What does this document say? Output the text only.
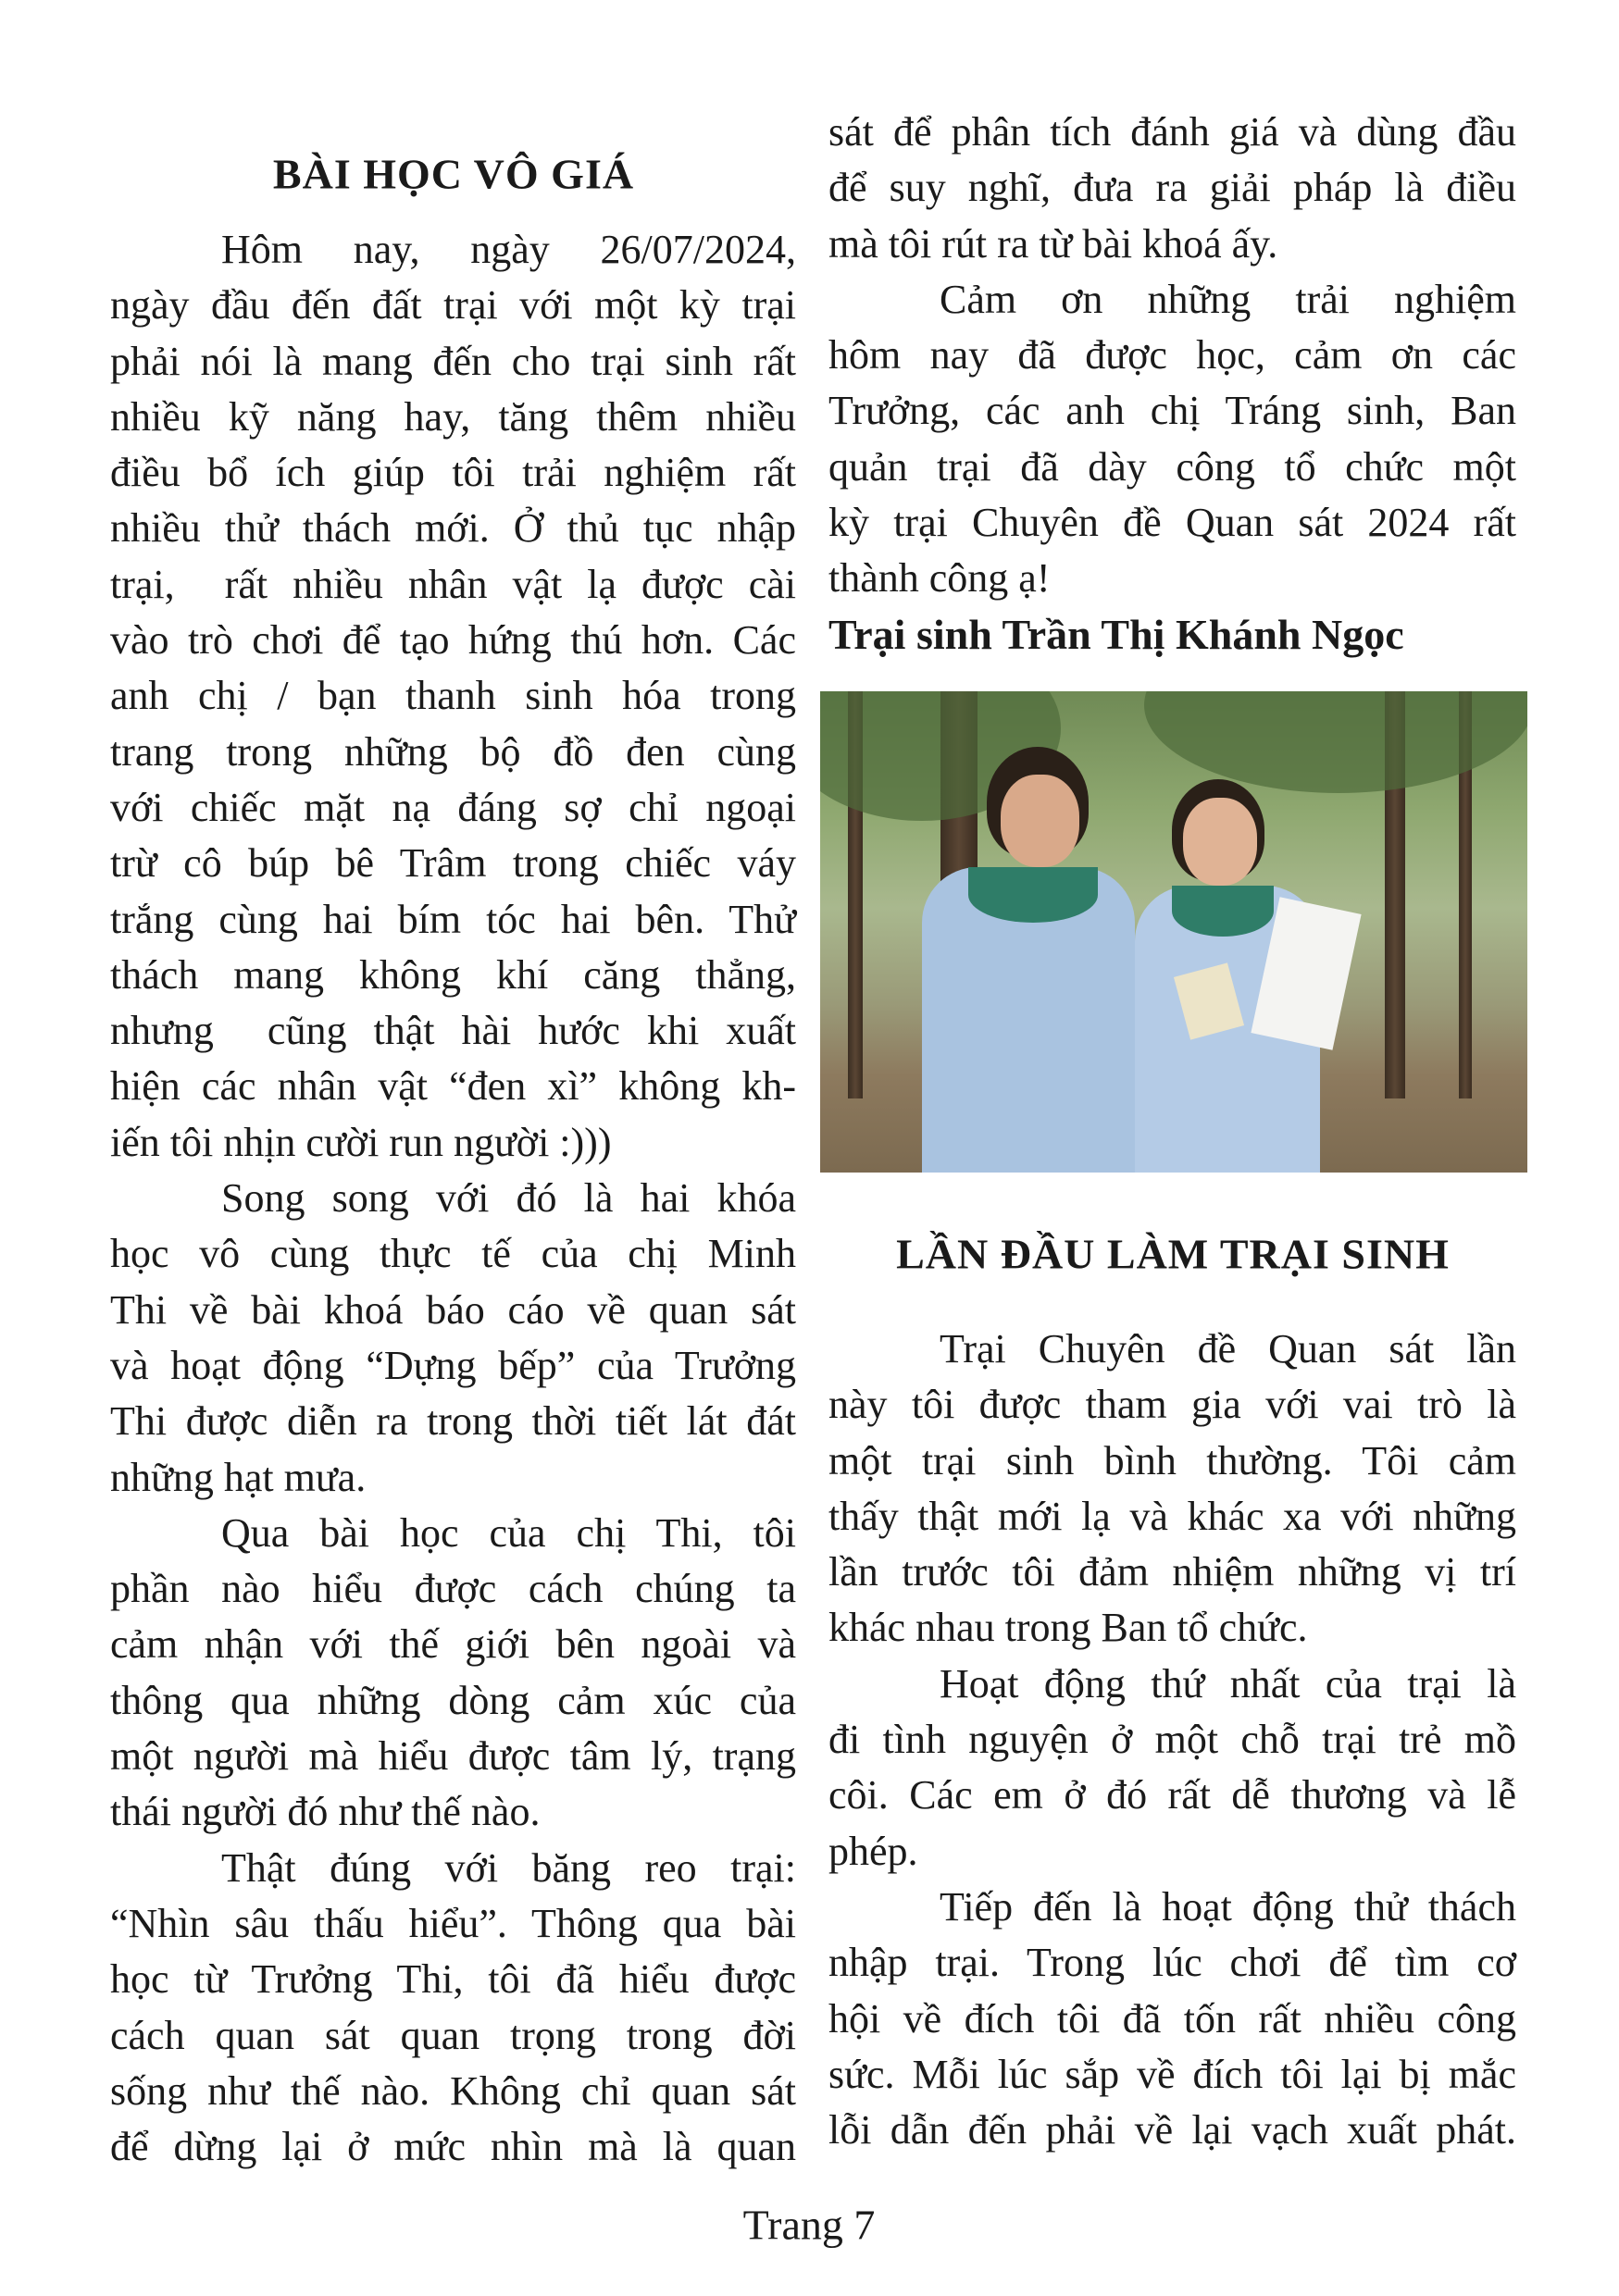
BÀI HỌC VÔ GIÁ
Hôm nay, ngày 26/07/2024,
ngày đầu đến đất trại với một kỳ trại
phải nói là mang đến cho trại sinh rất
nhiều kỹ năng hay, tăng thêm nhiều
điều bổ ích giúp tôi trải nghiệm rất
nhiều thử thách mới. Ở thủ tục nhập
trại,  rất nhiều nhân vật lạ được cài
vào trò chơi để tạo hứng thú hơn. Các
anh chị / bạn thanh sinh hóa trong
trang trong những bộ đồ đen cùng
với chiếc mặt nạ đáng sợ chỉ ngoại
trừ cô búp bê Trâm trong chiếc váy
trắng cùng hai bím tóc hai bên. Thử
thách mang không khí căng thẳng,
nhưng  cũng thật hài hước khi xuất
hiện các nhân vật “đen xì” không kh-
iến tôi nhịn cười run người :)))
Song song với đó là hai khóa
học vô cùng thực tế của chị Minh
Thi về bài khoá báo cáo về quan sát
và hoạt động “Dựng bếp” của Trưởng
Thi được diễn ra trong thời tiết lát đát
những hạt mưa.
Qua bài học của chị Thi, tôi
phần nào hiểu được cách chúng ta
cảm nhận với thế giới bên ngoài và
thông qua những dòng cảm xúc của
một người mà hiểu được tâm lý, trạng
thái người đó như thế nào.
Thật đúng với băng reo trại:
“Nhìn sâu thấu hiểu”. Thông qua bài
học từ Trưởng Thi, tôi đã hiểu được
cách quan sát quan trọng trong đời
sống như thế nào. Không chỉ quan sát
để dừng lại ở mức nhìn mà là quan
sát để phân tích đánh giá và dùng đầu
để suy nghĩ, đưa ra giải pháp là điều
mà tôi rút ra từ bài khoá ấy.
Cảm ơn những trải nghiệm
hôm nay đã được học, cảm ơn các
Trưởng, các anh chị Tráng sinh, Ban
quản trại đã dày công tổ chức một
kỳ trại Chuyên đề Quan sát 2024 rất
thành công ạ!
Trại sinh Trần Thị Khánh Ngọc
LẦN ĐẦU LÀM TRẠI SINH
Trại Chuyên đề Quan sát lần
này tôi được tham gia với vai trò là
một trại sinh bình thường. Tôi cảm
thấy thật mới lạ và khác xa với những
lần trước tôi đảm nhiệm những vị trí
khác nhau trong Ban tổ chức.
Hoạt động thứ nhất của trại là
đi tình nguyện ở một chỗ trại trẻ mồ
côi. Các em ở đó rất dễ thương và lễ
phép.
Tiếp đến là hoạt động thử thách
nhập trại. Trong lúc chơi để tìm cơ
hội về đích tôi đã tốn rất nhiều công
sức. Mỗi lúc sắp về đích tôi lại bị mắc
lỗi dẫn đến phải về lại vạch xuất phát.
Trang 7
